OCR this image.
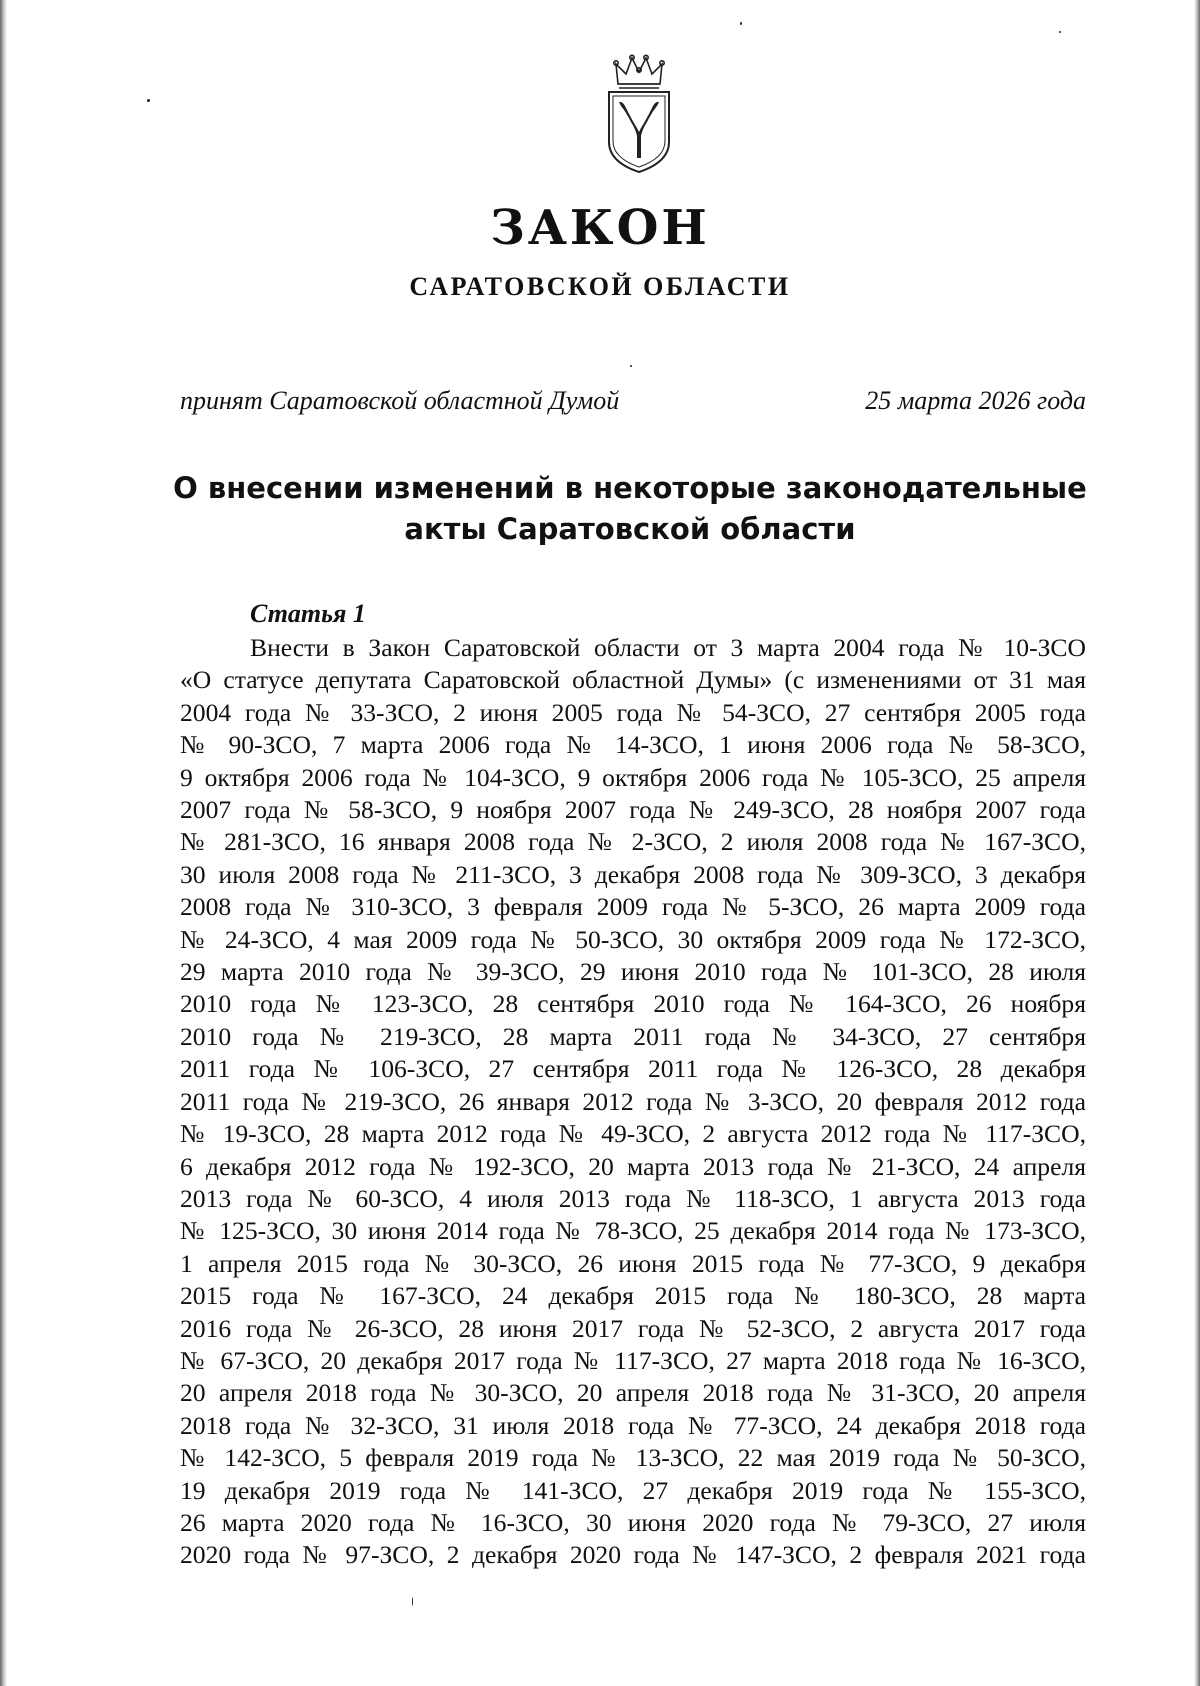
ЗАКОН
САРАТОВСКОЙ ОБЛАСТИ
принят Саратовской областной Думой	25 марта 2026 года
О внесении изменений в некоторые законодательные
акты Саратовской области
Статья 1
Внести в Закон Саратовской области от 3 марта 2004 года № 10-ЗСО
«О статусе депутата Саратовской областной Думы» (с изменениями от 31 мая
2004 года № 33-ЗСО, 2 июня 2005 года № 54-ЗСО, 27 сентября 2005 года
№ 90-ЗСО, 7 марта 2006 года № 14-ЗСО, 1 июня 2006 года № 58-ЗСО,
9 октября 2006 года № 104-ЗСО, 9 октября 2006 года № 105-ЗСО, 25 апреля
2007 года № 58-ЗСО, 9 ноября 2007 года № 249-ЗСО, 28 ноября 2007 года
№ 281-ЗСО, 16 января 2008 года № 2-ЗСО, 2 июля 2008 года № 167-ЗСО,
30 июля 2008 года № 211-ЗСО, 3 декабря 2008 года № 309-ЗСО, 3 декабря
2008 года № 310-ЗСО, 3 февраля 2009 года № 5-ЗСО, 26 марта 2009 года
№ 24-ЗСО, 4 мая 2009 года № 50-ЗСО, 30 октября 2009 года № 172-ЗСО,
29 марта 2010 года № 39-ЗСО, 29 июня 2010 года № 101-ЗСО, 28 июля
2010 года № 123-ЗСО, 28 сентября 2010 года № 164-ЗСО, 26 ноября
2010 года № 219-ЗСО, 28 марта 2011 года № 34-ЗСО, 27 сентября
2011 года № 106-ЗСО, 27 сентября 2011 года № 126-ЗСО, 28 декабря
2011 года № 219-ЗСО, 26 января 2012 года № 3-ЗСО, 20 февраля 2012 года
№ 19-ЗСО, 28 марта 2012 года № 49-ЗСО, 2 августа 2012 года № 117-ЗСО,
6 декабря 2012 года № 192-ЗСО, 20 марта 2013 года № 21-ЗСО, 24 апреля
2013 года № 60-ЗСО, 4 июля 2013 года № 118-ЗСО, 1 августа 2013 года
№ 125-ЗСО, 30 июня 2014 года № 78-ЗСО, 25 декабря 2014 года № 173-ЗСО,
1 апреля 2015 года № 30-ЗСО, 26 июня 2015 года № 77-ЗСО, 9 декабря
2015 года № 167-ЗСО, 24 декабря 2015 года № 180-ЗСО, 28 марта
2016 года № 26-ЗСО, 28 июня 2017 года № 52-ЗСО, 2 августа 2017 года
№ 67-ЗСО, 20 декабря 2017 года № 117-ЗСО, 27 марта 2018 года № 16-ЗСО,
20 апреля 2018 года № 30-ЗСО, 20 апреля 2018 года № 31-ЗСО, 20 апреля
2018 года № 32-ЗСО, 31 июля 2018 года № 77-ЗСО, 24 декабря 2018 года
№ 142-ЗСО, 5 февраля 2019 года № 13-ЗСО, 22 мая 2019 года № 50-ЗСО,
19 декабря 2019 года № 141-ЗСО, 27 декабря 2019 года № 155-ЗСО,
26 марта 2020 года № 16-ЗСО, 30 июня 2020 года № 79-ЗСО, 27 июля
2020 года № 97-ЗСО, 2 декабря 2020 года № 147-ЗСО, 2 февраля 2021 года
